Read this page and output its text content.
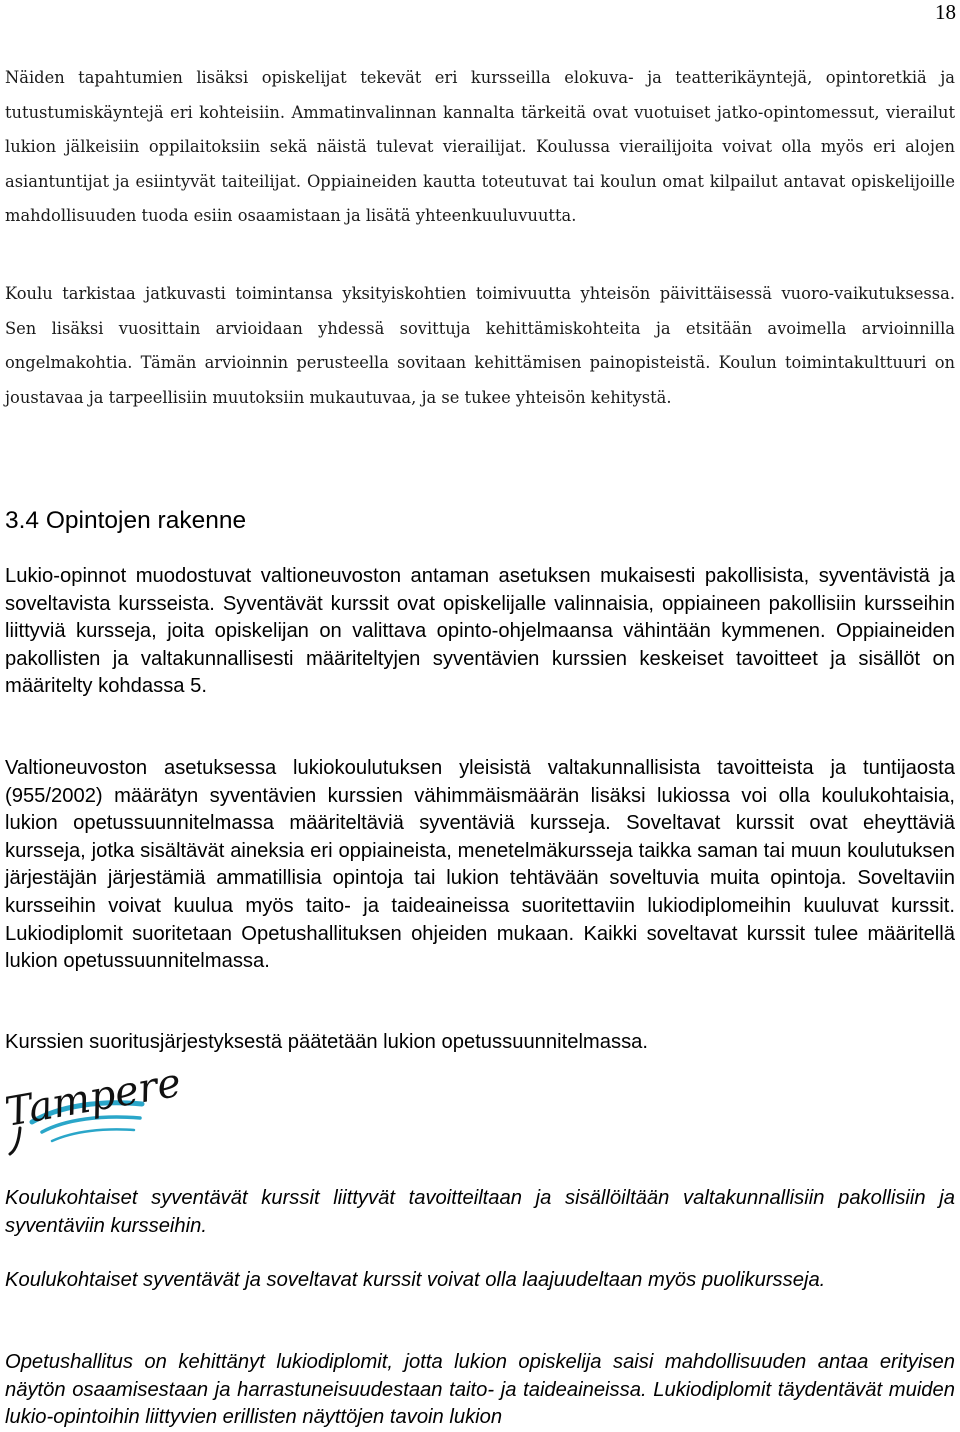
18

Näiden tapahtumien lisäksi opiskelijat tekevät eri kursseilla elokuva- ja teatterikäyntejä, opintoretkiä ja tutustumiskäyntejä eri kohteisiin. Ammatinvalinnan kannalta tärkeitä ovat vuotuiset jatko-opintomessut, vierailut lukion jälkeisiin oppilaitoksiin sekä näistä tulevat vierailijat. Koulussa vierailijoita voivat olla myös eri alojen asiantuntijat ja esiintyvät taiteilijat. Oppiaineiden kautta toteutuvat tai koulun omat kilpailut antavat opiskelijoille mahdollisuuden tuoda esiin osaamistaan ja lisätä yhteenkuuluvuutta.

Koulu tarkistaa jatkuvasti toimintansa yksityiskohtien toimivuutta yhteisön päivittäisessä vuoro-vaikutuksessa. Sen lisäksi vuosittain arvioidaan yhdessä sovittuja kehittämiskohteita ja etsitään avoimella arvioinnilla ongelmakohtia. Tämän arvioinnin perusteella sovitaan kehittämisen painopisteistä. Koulun toimintakulttuuri on joustavaa ja tarpeellisiin muutoksiin mukautuvaa, ja se tukee yhteisön kehitystä.

3.4 Opintojen rakenne

Lukio-opinnot muodostuvat valtioneuvoston antaman asetuksen mukaisesti pakollisista, syventävistä ja soveltavista kursseista. Syventävät kurssit ovat opiskelijalle valinnaisia, oppiaineen pakollisiin kursseihin liittyviä kursseja, joita opiskelijan on valittava opinto-ohjelmaansa vähintään kymmenen. Oppiaineiden pakollisten ja valtakunnallisesti määriteltyjen syventävien kurssien keskeiset tavoitteet ja sisällöt on määritelty kohdassa 5.

Valtioneuvoston asetuksessa lukiokoulutuksen yleisistä valtakunnallisista tavoitteista ja tuntijaosta (955/2002) määrätyn syventävien kurssien vähimmäismäärän lisäksi lukiossa voi olla koulukohtaisia, lukion opetussuunnitelmassa määriteltäviä syventäviä kursseja. Soveltavat kurssit ovat eheyttäviä kursseja, jotka sisältävät aineksia eri oppiaineista, menetelmäkursseja taikka saman tai muun koulutuksen järjestäjän järjestämiä ammatillisia opintoja tai lukion tehtävään soveltuvia muita opintoja. Soveltaviin kursseihin voivat kuulua myös taito- ja taideaineissa suoritettaviin lukiodiplomeihin kuuluvat kurssit. Lukiodiplomit suoritetaan Opetushallituksen ohjeiden mukaan. Kaikki soveltavat kurssit tulee määritellä lukion opetussuunnitelmassa.

Kurssien suoritusjärjestyksestä päätetään lukion opetussuunnitelmassa.

Tampere

Koulukohtaiset syventävät kurssit liittyvät tavoitteiltaan ja sisällöiltään valtakunnallisiin pakollisiin ja syventäviin kursseihin.

Koulukohtaiset syventävät ja soveltavat kurssit voivat olla laajuudeltaan myös puolikursseja.

Opetushallitus on kehittänyt lukiodiplomit, jotta lukion opiskelija saisi mahdollisuuden antaa erityisen näytön osaamisestaan ja harrastuneisuudestaan taito- ja taideaineissa. Lukiodiplomit täydentävät muiden lukio-opintoihin liittyvien erillisten näyttöjen tavoin lukion
